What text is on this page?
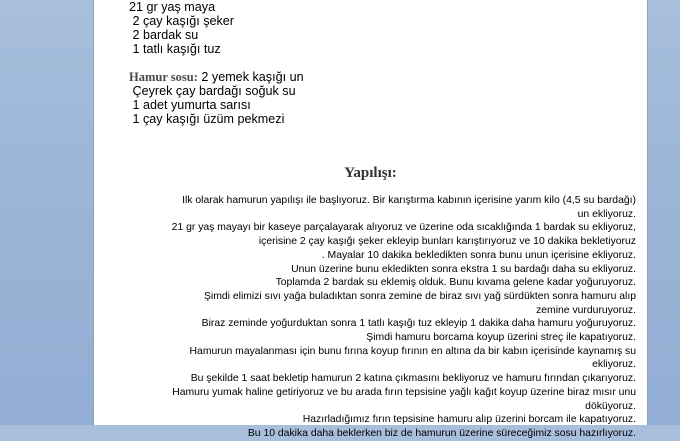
21 gr yaş maya
2 çay kaşığı şeker
2 bardak su
1 tatlı kaşığı tuz
Hamur sosu: 2 yemek kaşığı un
Çeyrek çay bardağı soğuk su
1 adet yumurta sarısı
1 çay kaşığı üzüm pekmezi
Yapılışı:
Ilk olarak hamurun yapılışı ile başlıyoruz. Bir karıştırma kabının içerisine yarım kilo (4,5 su bardağı)
un ekliyoruz.
21 gr yaş mayayı bir kaseye parçalayarak alıyoruz ve üzerine oda sıcaklığında 1 bardak su ekliyoruz,
içerisine 2 çay kaşığı şeker ekleyip bunları karıştırıyoruz ve 10 dakika bekletiyoruz
. Mayalar 10 dakika bekledikten sonra bunu unun içerisine ekliyoruz.
Unun üzerine bunu ekledikten sonra ekstra 1 su bardağı daha su ekliyoruz.
Toplamda 2 bardak su eklemiş olduk. Bunu kıvama gelene kadar yoğuruyoruz.
Şimdi elimizi sıvı yağa buladıktan sonra zemine de biraz sıvı yağ sürdükten sonra hamuru alıp
zemine vurduruyoruz.
Biraz zeminde yoğurduktan sonra 1 tatlı kaşığı tuz ekleyip 1 dakika daha hamuru yoğuruyoruz.
Şimdi hamuru borcama koyup üzerini streç ile kapatıyoruz.
Hamurun mayalanması için bunu fırına koyup fırının en altına da bir kabın içerisinde kaynamış su
ekliyoruz.
Bu şekilde 1 saat bekletip hamurun 2 katına çıkmasını bekliyoruz ve hamuru fırından çıkarıyoruz.
Hamuru yumak haline getiriyoruz ve bu arada fırın tepsisine yağlı kağıt koyup üzerine biraz mısır unu
döküyoruz.
Hazırladığımız fırın tepsisine hamuru alıp üzerini borcam ile kapatıyoruz.
Bu 10 dakika daha beklerken biz de hamurun üzerine süreceğimiz sosu hazırlıyoruz.
